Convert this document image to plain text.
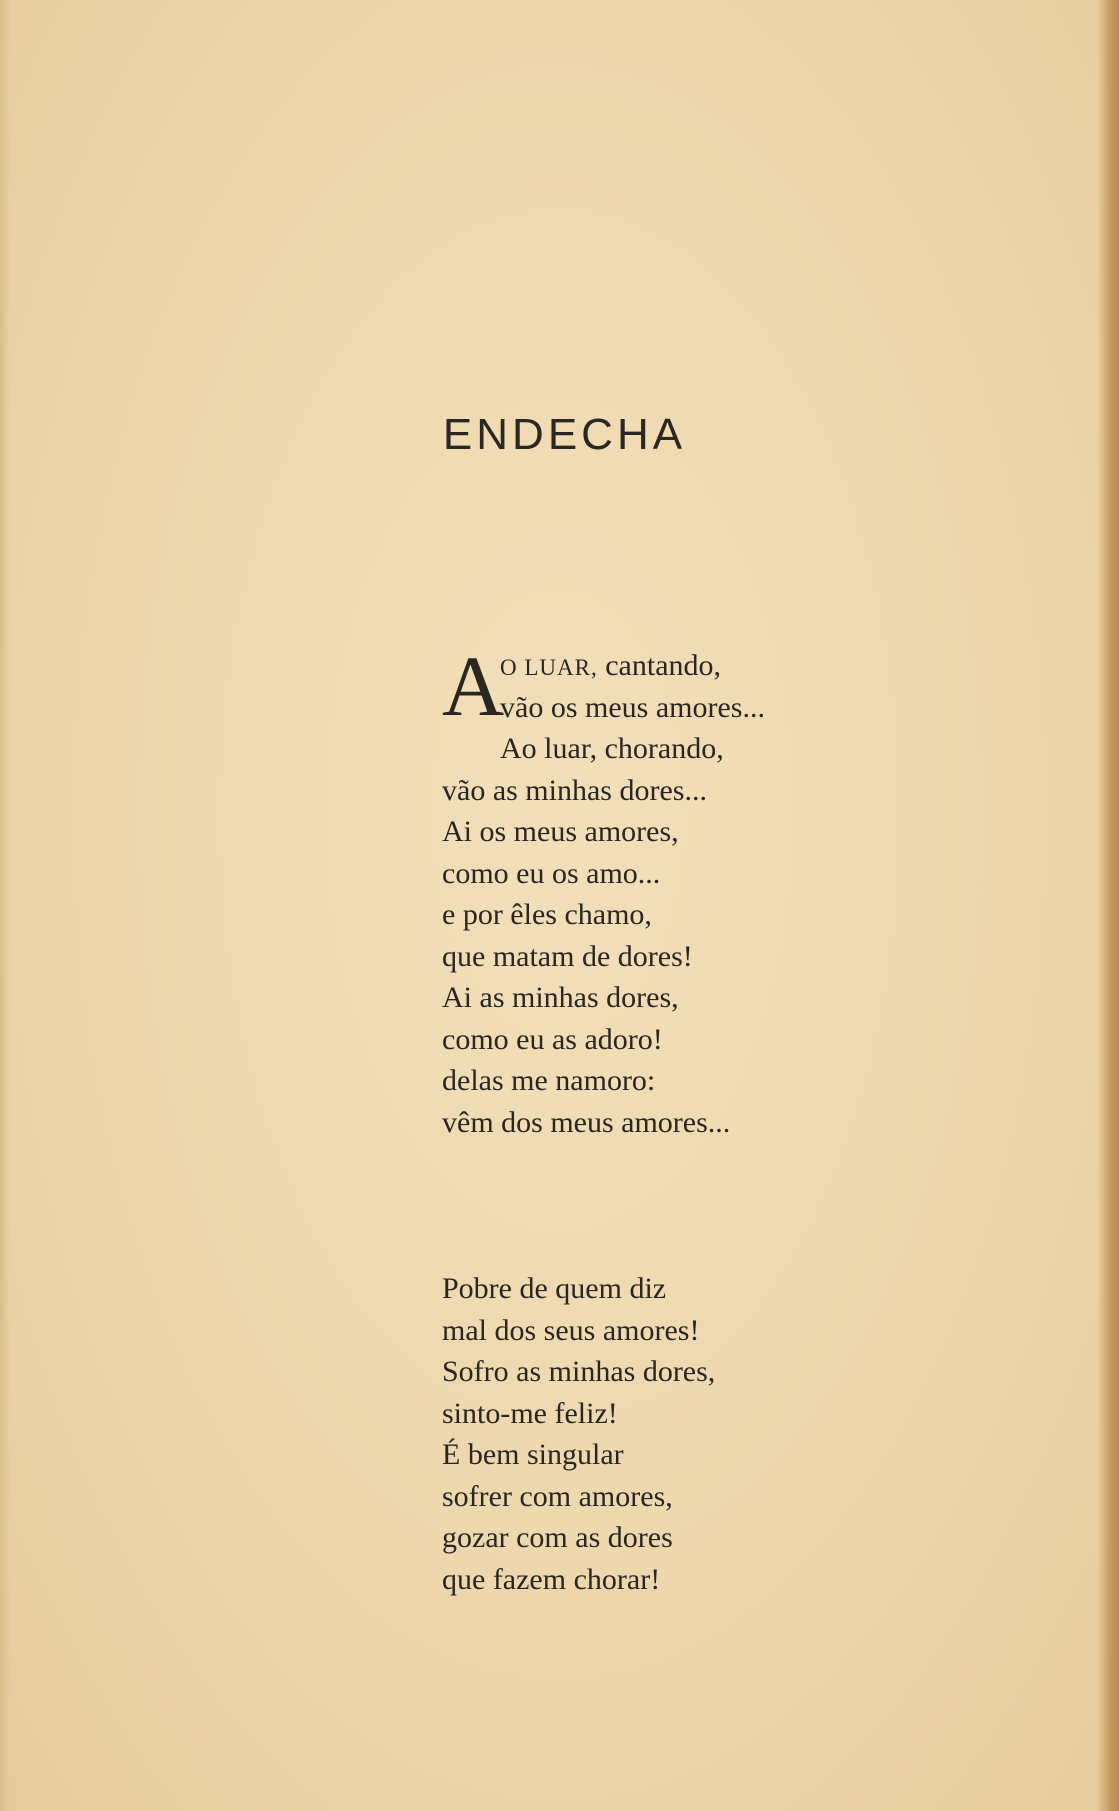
ENDECHA
A
O LUAR, cantando,
vão os meus amores...
Ao luar, chorando,
vão as minhas dores...
Ai os meus amores,
como eu os amo...
e por êles chamo,
que matam de dores!
Ai as minhas dores,
como eu as adoro!
delas me namoro:
vêm dos meus amores...
Pobre de quem diz
mal dos seus amores!
Sofro as minhas dores,
sinto-me feliz!
É bem singular
sofrer com amores,
gozar com as dores
que fazem chorar!
